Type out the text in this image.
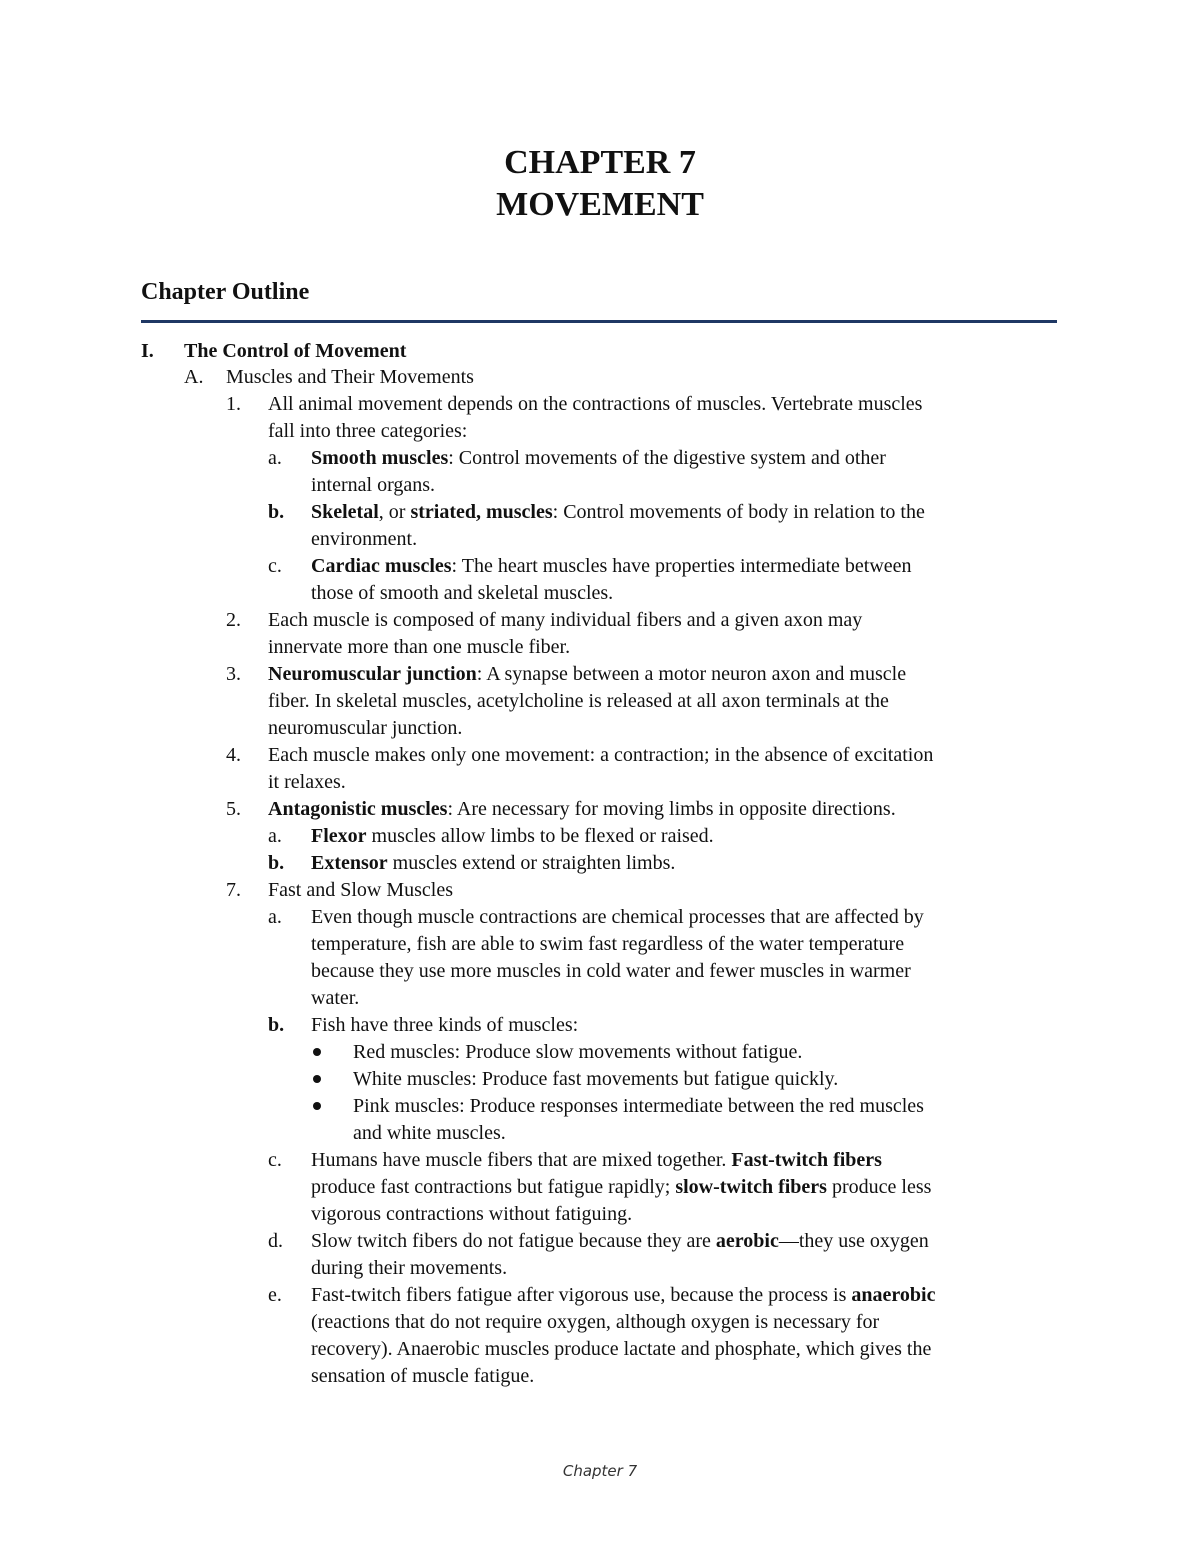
CHAPTER 7
MOVEMENT
Chapter Outline
I. The Control of Movement
A. Muscles and Their Movements
1. All animal movement depends on the contractions of muscles. Vertebrate muscles
fall into three categories:
a. Smooth muscles: Control movements of the digestive system and other
internal organs.
b. Skeletal, or striated, muscles: Control movements of body in relation to the
environment.
c. Cardiac muscles: The heart muscles have properties intermediate between
those of smooth and skeletal muscles.
2. Each muscle is composed of many individual fibers and a given axon may
innervate more than one muscle fiber.
3. Neuromuscular junction: A synapse between a motor neuron axon and muscle
fiber. In skeletal muscles, acetylcholine is released at all axon terminals at the
neuromuscular junction.
4. Each muscle makes only one movement: a contraction; in the absence of excitation
it relaxes.
5. Antagonistic muscles: Are necessary for moving limbs in opposite directions.
a. Flexor muscles allow limbs to be flexed or raised.
b. Extensor muscles extend or straighten limbs.
7. Fast and Slow Muscles
a. Even though muscle contractions are chemical processes that are affected by
temperature, fish are able to swim fast regardless of the water temperature
because they use more muscles in cold water and fewer muscles in warmer
water.
b. Fish have three kinds of muscles:
Red muscles: Produce slow movements without fatigue.
White muscles: Produce fast movements but fatigue quickly.
Pink muscles: Produce responses intermediate between the red muscles
and white muscles.
c. Humans have muscle fibers that are mixed together. Fast-twitch fibers
produce fast contractions but fatigue rapidly; slow-twitch fibers produce less
vigorous contractions without fatiguing.
d. Slow twitch fibers do not fatigue because they are aerobic—they use oxygen
during their movements.
e. Fast-twitch fibers fatigue after vigorous use, because the process is anaerobic
(reactions that do not require oxygen, although oxygen is necessary for
recovery). Anaerobic muscles produce lactate and phosphate, which gives the
sensation of muscle fatigue.
Chapter 7
